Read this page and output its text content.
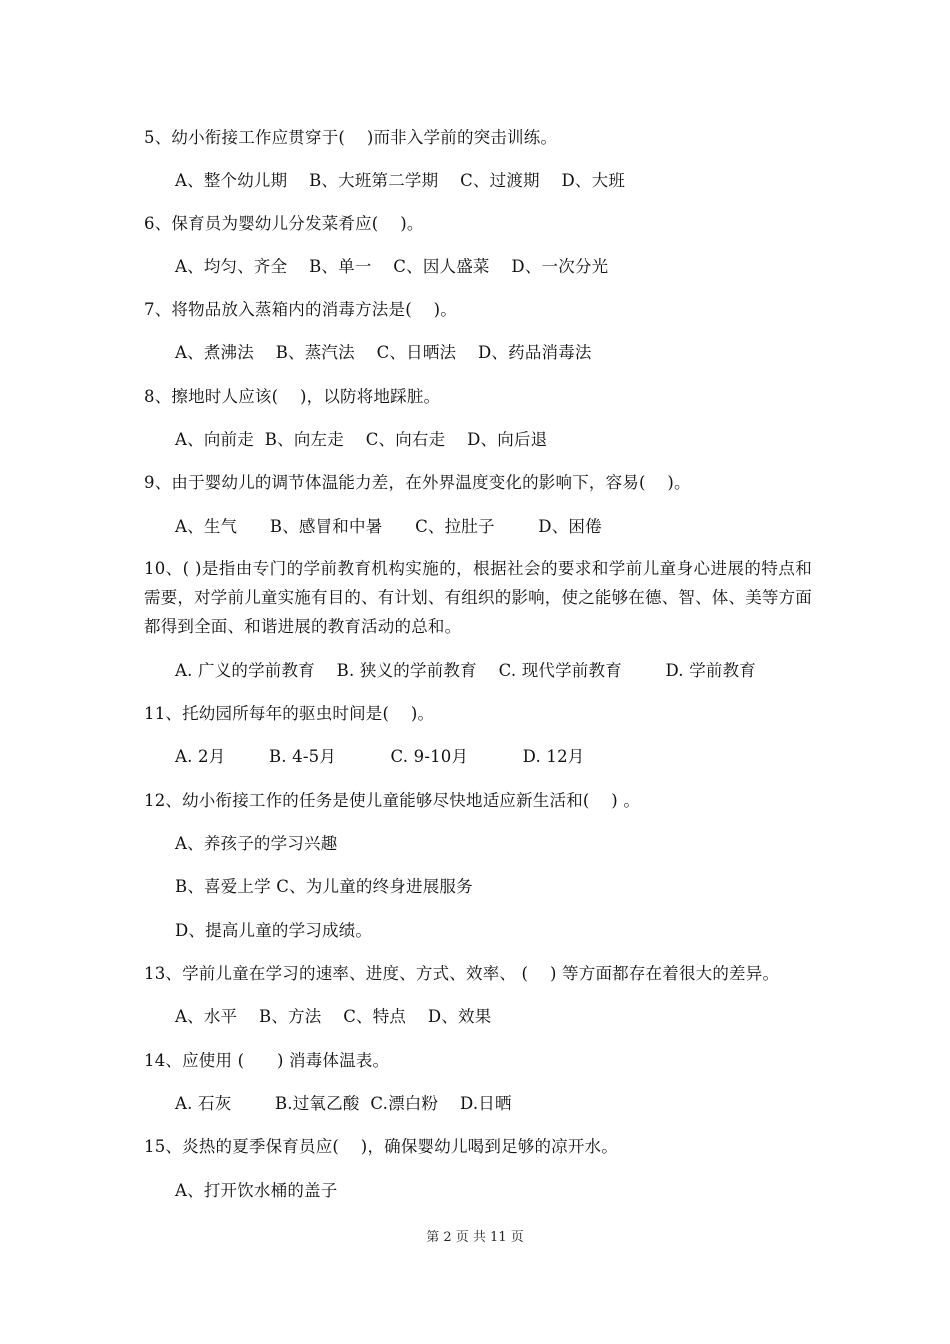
5、幼小衔接工作应贯穿于(    )而非入学前的突击训练。
A、整个幼儿期    B、大班第二学期    C、过渡期    D、大班
6、保育员为婴幼儿分发菜肴应(    )。
A、均匀、齐全    B、单一    C、因人盛菜    D、一次分光
7、将物品放入蒸箱内的消毒方法是(    )。
A、煮沸法    B、蒸汽法    C、日晒法    D、药品消毒法
8、擦地时人应该(    )，以防将地踩脏。
A、向前走  B、向左走    C、向右走    D、向后退
9、由于婴幼儿的调节体温能力差，在外界温度变化的影响下，容易(    )。
A、生气      B、感冒和中暑      C、拉肚子        D、困倦
10、( )是指由专门的学前教育机构实施的，根据社会的要求和学前儿童身心进展的特点和需要，对学前儿童实施有目的、有计划、有组织的影响，使之能够在德、智、体、美等方面都得到全面、和谐进展的教育活动的总和。
A. 广义的学前教育    B. 狭义的学前教育    C. 现代学前教育        D. 学前教育
11、托幼园所每年的驱虫时间是(    )。
A. 2月        B. 4-5月          C. 9-10月          D. 12月
12、幼小衔接工作的任务是使儿童能够尽快地适应新生活和(    ) 。
A、养孩子的学习兴趣
B、喜爱上学 C、为儿童的终身进展服务
D、提高儿童的学习成绩。
13、学前儿童在学习的速率、进度、方式、效率、 (    ) 等方面都存在着很大的差异。
A、水平    B、方法    C、特点    D、效果
14、应使用 (      ) 消毒体温表。
A. 石灰        B.过氧乙酸  C.漂白粉    D.日晒
15、炎热的夏季保育员应(    )，确保婴幼儿喝到足够的凉开水。
A、打开饮水桶的盖子
第 2 页 共 11 页
